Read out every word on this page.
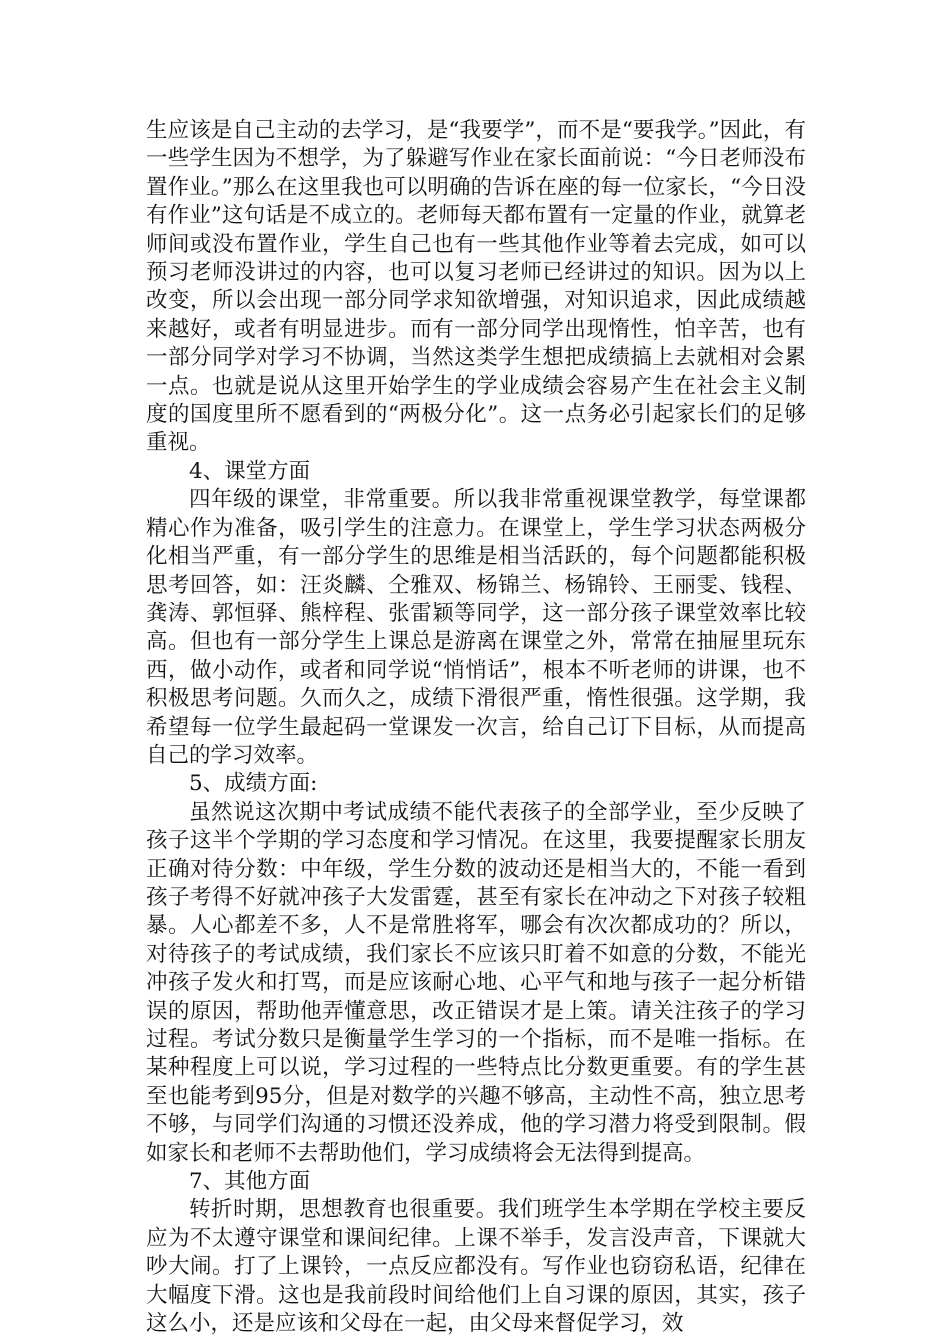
生应该是自己主动的去学习，是“我要学”，而不是“要我学。”因此，有一些学生因为不想学，为了躲避写作业在家长面前说：“今日老师没布置作业。”那么在这里我也可以明确的告诉在座的每一位家长，“今日没有作业”这句话是不成立的。老师每天都布置有一定量的作业，就算老师间或没布置作业，学生自己也有一些其他作业等着去完成，如可以预习老师没讲过的内容，也可以复习老师已经讲过的知识。因为以上改变，所以会出现一部分同学求知欲增强，对知识追求，因此成绩越来越好，或者有明显进步。而有一部分同学出现惰性，怕辛苦，也有一部分同学对学习不协调，当然这类学生想把成绩搞上去就相对会累一点。也就是说从这里开始学生的学业成绩会容易产生在社会主义制度的国度里所不愿看到的“两极分化”。这一点务必引起家长们的足够重视。

4、课堂方面

四年级的课堂，非常重要。所以我非常重视课堂教学，每堂课都精心作为准备，吸引学生的注意力。在课堂上，学生学习状态两极分化相当严重，有一部分学生的思维是相当活跃的，每个问题都能积极思考回答，如：汪炎麟、仝雅双、杨锦兰、杨锦铃、王丽雯、钱程、龚涛、郭恒驿、熊梓程、张雷颖等同学，这一部分孩子课堂效率比较高。但也有一部分学生上课总是游离在课堂之外，常常在抽屉里玩东西，做小动作，或者和同学说“悄悄话”，根本不听老师的讲课，也不积极思考问题。久而久之，成绩下滑很严重，惰性很强。这学期，我希望每一位学生最起码一堂课发一次言，给自己订下目标，从而提高自己的学习效率。

5、成绩方面:

虽然说这次期中考试成绩不能代表孩子的全部学业，至少反映了孩子这半个学期的学习态度和学习情况。在这里，我要提醒家长朋友正确对待分数：中年级，学生分数的波动还是相当大的，不能一看到孩子考得不好就冲孩子大发雷霆，甚至有家长在冲动之下对孩子较粗暴。人心都差不多，人不是常胜将军，哪会有次次都成功的？所以，对待孩子的考试成绩，我们家长不应该只盯着不如意的分数，不能光冲孩子发火和打骂，而是应该耐心地、心平气和地与孩子一起分析错误的原因，帮助他弄懂意思，改正错误才是上策。请关注孩子的学习过程。考试分数只是衡量学生学习的一个指标，而不是唯一指标。在某种程度上可以说，学习过程的一些特点比分数更重要。有的学生甚至也能考到95分，但是对数学的兴趣不够高，主动性不高，独立思考不够，与同学们沟通的习惯还没养成，他的学习潜力将受到限制。假如家长和老师不去帮助他们，学习成绩将会无法得到提高。

7、其他方面

转折时期，思想教育也很重要。我们班学生本学期在学校主要反应为不太遵守课堂和课间纪律。上课不举手，发言没声音，下课就大吵大闹。打了上课铃，一点反应都没有。写作业也窃窃私语，纪律在大幅度下滑。这也是我前段时间给他们上自习课的原因，其实，孩子这么小，还是应该和父母在一起，由父母来督促学习，效
